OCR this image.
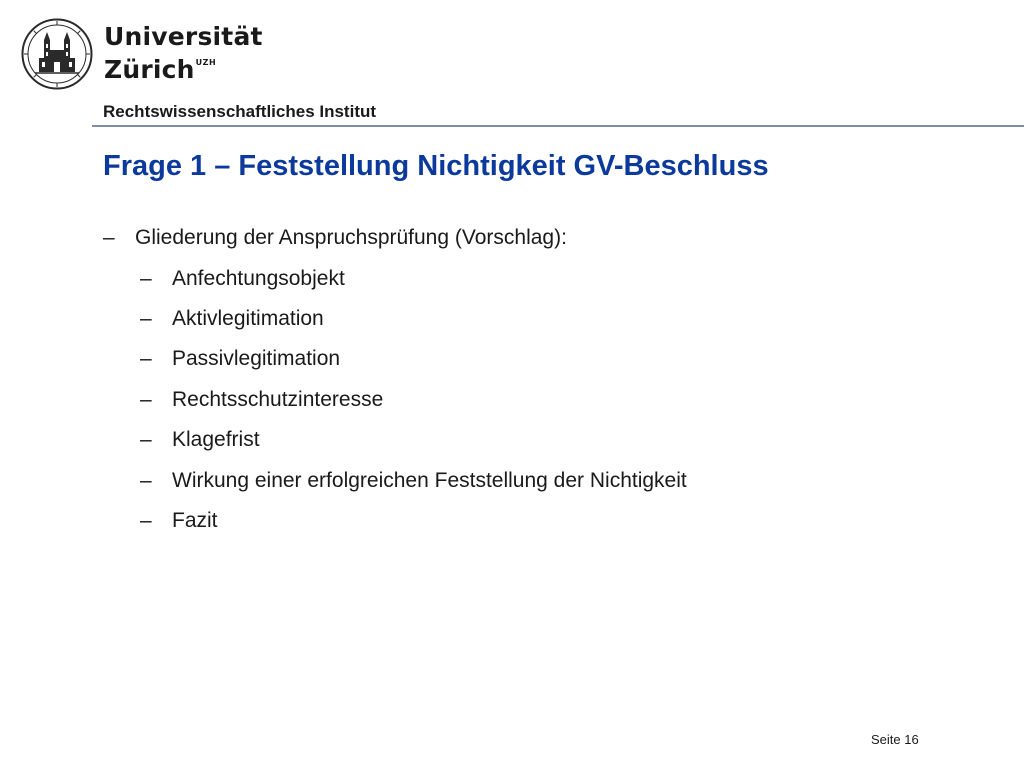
Universität
Zürich$^{UZH}$
Rechtswissenschaftliches Institut
Frage 1 – Feststellung Nichtigkeit GV-Beschluss
– Gliederung der Anspruchsprüfung (Vorschlag):
– Anfechtungsobjekt
– Aktivlegitimation
– Passivlegitimation
– Rechtsschutzinteresse
– Klagefrist
– Wirkung einer erfolgreichen Feststellung der Nichtigkeit
– Fazit
Seite 16
